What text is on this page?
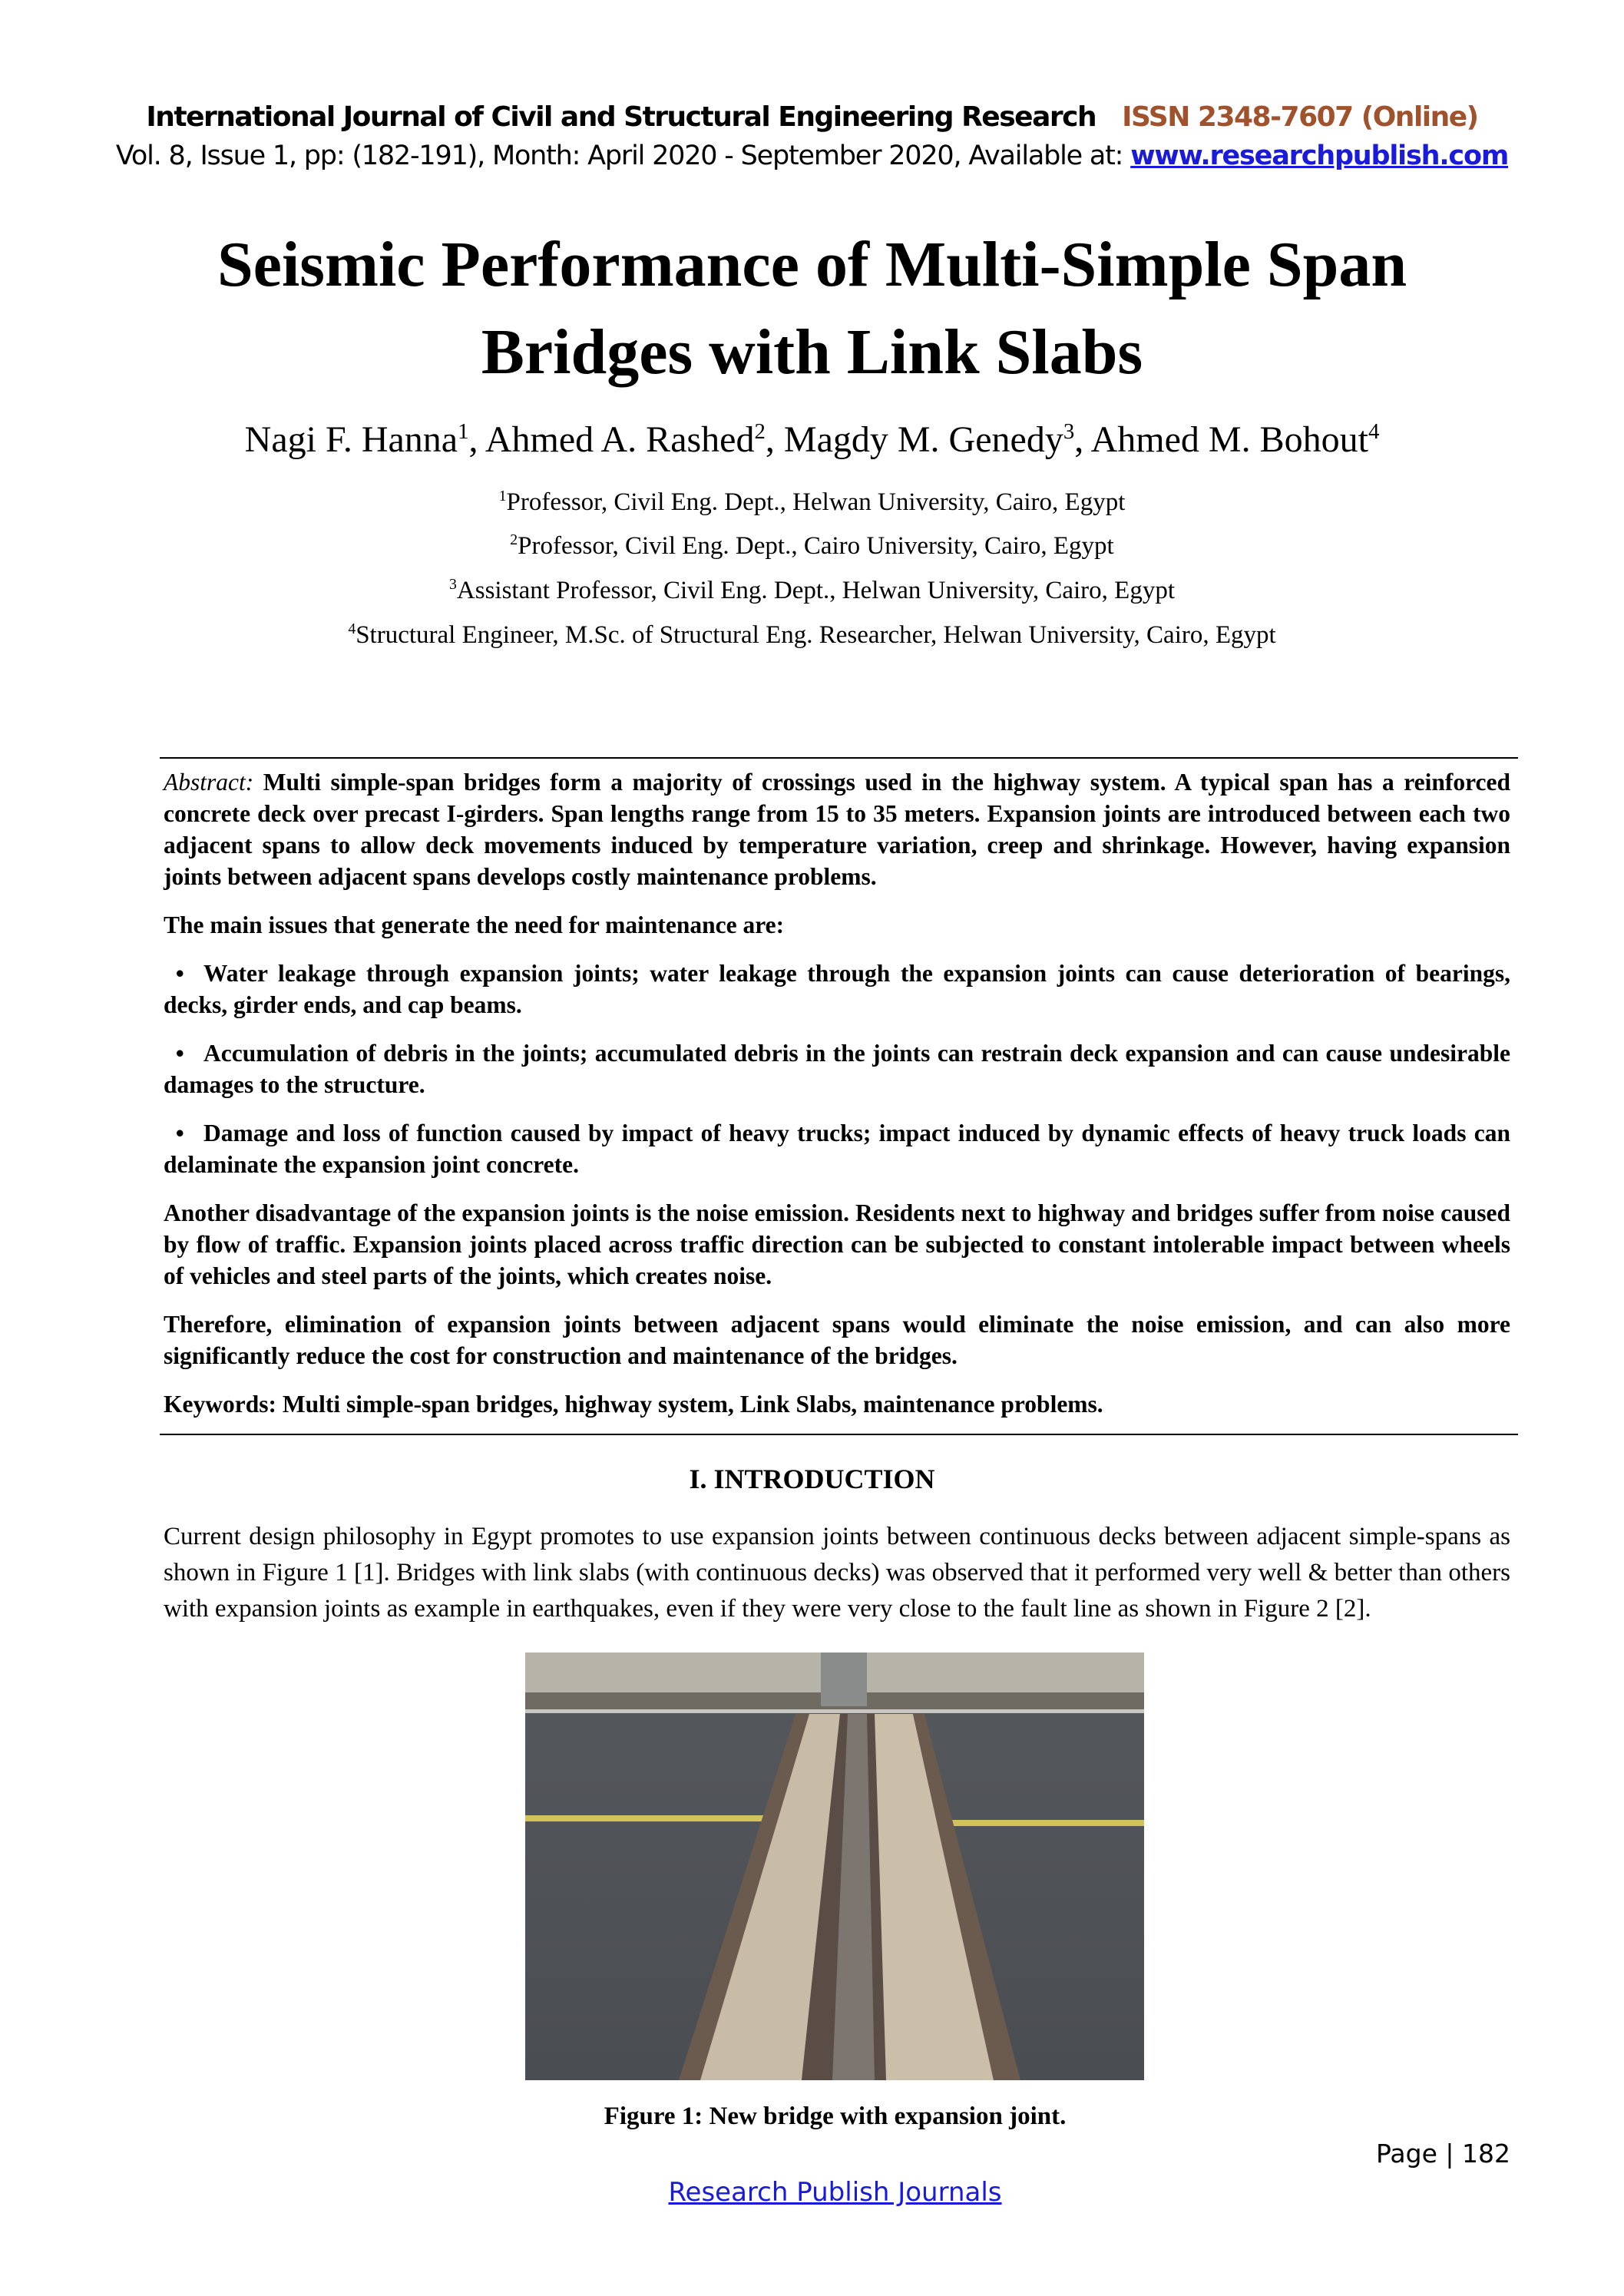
International Journal of Civil and Structural Engineering Research ISSN 2348-7607 (Online)
Vol. 8, Issue 1, pp: (182-191), Month: April 2020 - September 2020, Available at: www.researchpublish.com
Seismic Performance of Multi-Simple Span
Bridges with Link Slabs
Nagi F. Hanna$^1$, Ahmed A. Rashed$^2$, Magdy M. Genedy$^3$, Ahmed M. Bohout$^4$
$^1$Professor, Civil Eng. Dept., Helwan University, Cairo, Egypt
$^2$Professor, Civil Eng. Dept., Cairo University, Cairo, Egypt
$^3$Assistant Professor, Civil Eng. Dept., Helwan University, Cairo, Egypt
$^4$Structural Engineer, M.Sc. of Structural Eng. Researcher, Helwan University, Cairo, Egypt

Abstract: Multi simple-span bridges form a majority of crossings used in the highway system. A typical span has a reinforced concrete deck over precast I-girders. Span lengths range from 15 to 35 meters. Expansion joints are introduced between each two adjacent spans to allow deck movements induced by temperature variation, creep and shrinkage. However, having expansion joints between adjacent spans develops costly maintenance problems.

The main issues that generate the need for maintenance are:

• Water leakage through expansion joints; water leakage through the expansion joints can cause deterioration of bearings, decks, girder ends, and cap beams.

• Accumulation of debris in the joints; accumulated debris in the joints can restrain deck expansion and can cause undesirable damages to the structure.

• Damage and loss of function caused by impact of heavy trucks; impact induced by dynamic effects of heavy truck loads can delaminate the expansion joint concrete.

Another disadvantage of the expansion joints is the noise emission. Residents next to highway and bridges suffer from noise caused by flow of traffic. Expansion joints placed across traffic direction can be subjected to constant intolerable impact between wheels of vehicles and steel parts of the joints, which creates noise.

Therefore, elimination of expansion joints between adjacent spans would eliminate the noise emission, and can also more significantly reduce the cost for construction and maintenance of the bridges.

Keywords: Multi simple-span bridges, highway system, Link Slabs, maintenance problems.

I. INTRODUCTION
Current design philosophy in Egypt promotes to use expansion joints between continuous decks between adjacent simple-spans as shown in Figure 1 [1]. Bridges with link slabs (with continuous decks) was observed that it performed very well & better than others with expansion joints as example in earthquakes, even if they were very close to the fault line as shown in Figure 2 [2].
Figure 1: New bridge with expansion joint.
Page | 182
Research Publish Journals
